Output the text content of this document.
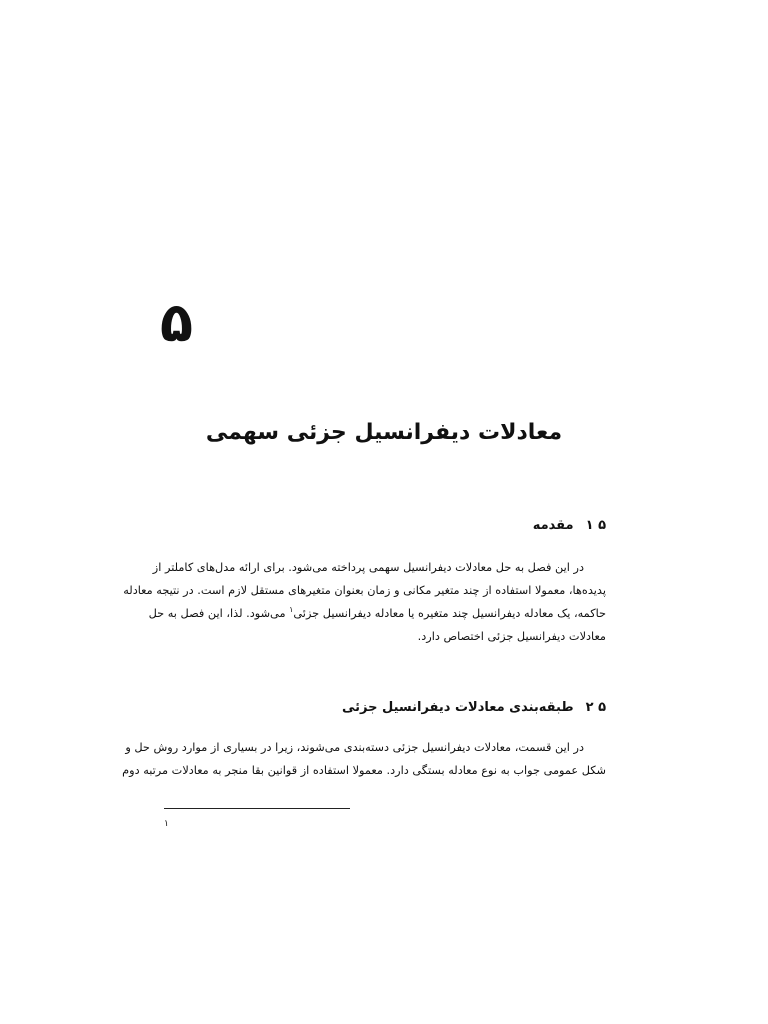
۵
معادلات دیفرانسیل جزئی سهمی
۵ ۱مقدمه
در این فصل به حل معادلات دیفرانسیل سهمی پرداخته می‌شود. برای ارائه مدل‌های کاملتر از
پدیده‌ها، معمولا استفاده از چند متغیر مکانی و زمان بعنوان متغیرهای مستقل لازم است. در نتیجه معادله
حاکمه، یک معادله دیفرانسیل چند متغیره یا معادله دیفرانسیل جزئی$^۱$ می‌شود. لذا، این فصل به حل
معادلات دیفرانسیل جزئی اختصاص دارد.
۵ ۲طبقه‌بندی معادلات دیفرانسیل جزئی
در این قسمت، معادلات دیفرانسیل جزئی دسته‌بندی می‌شوند، زیرا در بسیاری از موارد روش حل و
شکل عمومی جواب به نوع معادله بستگی دارد. معمولا استفاده از قوانین بقا منجر به معادلات مرتبه دوم
۱
